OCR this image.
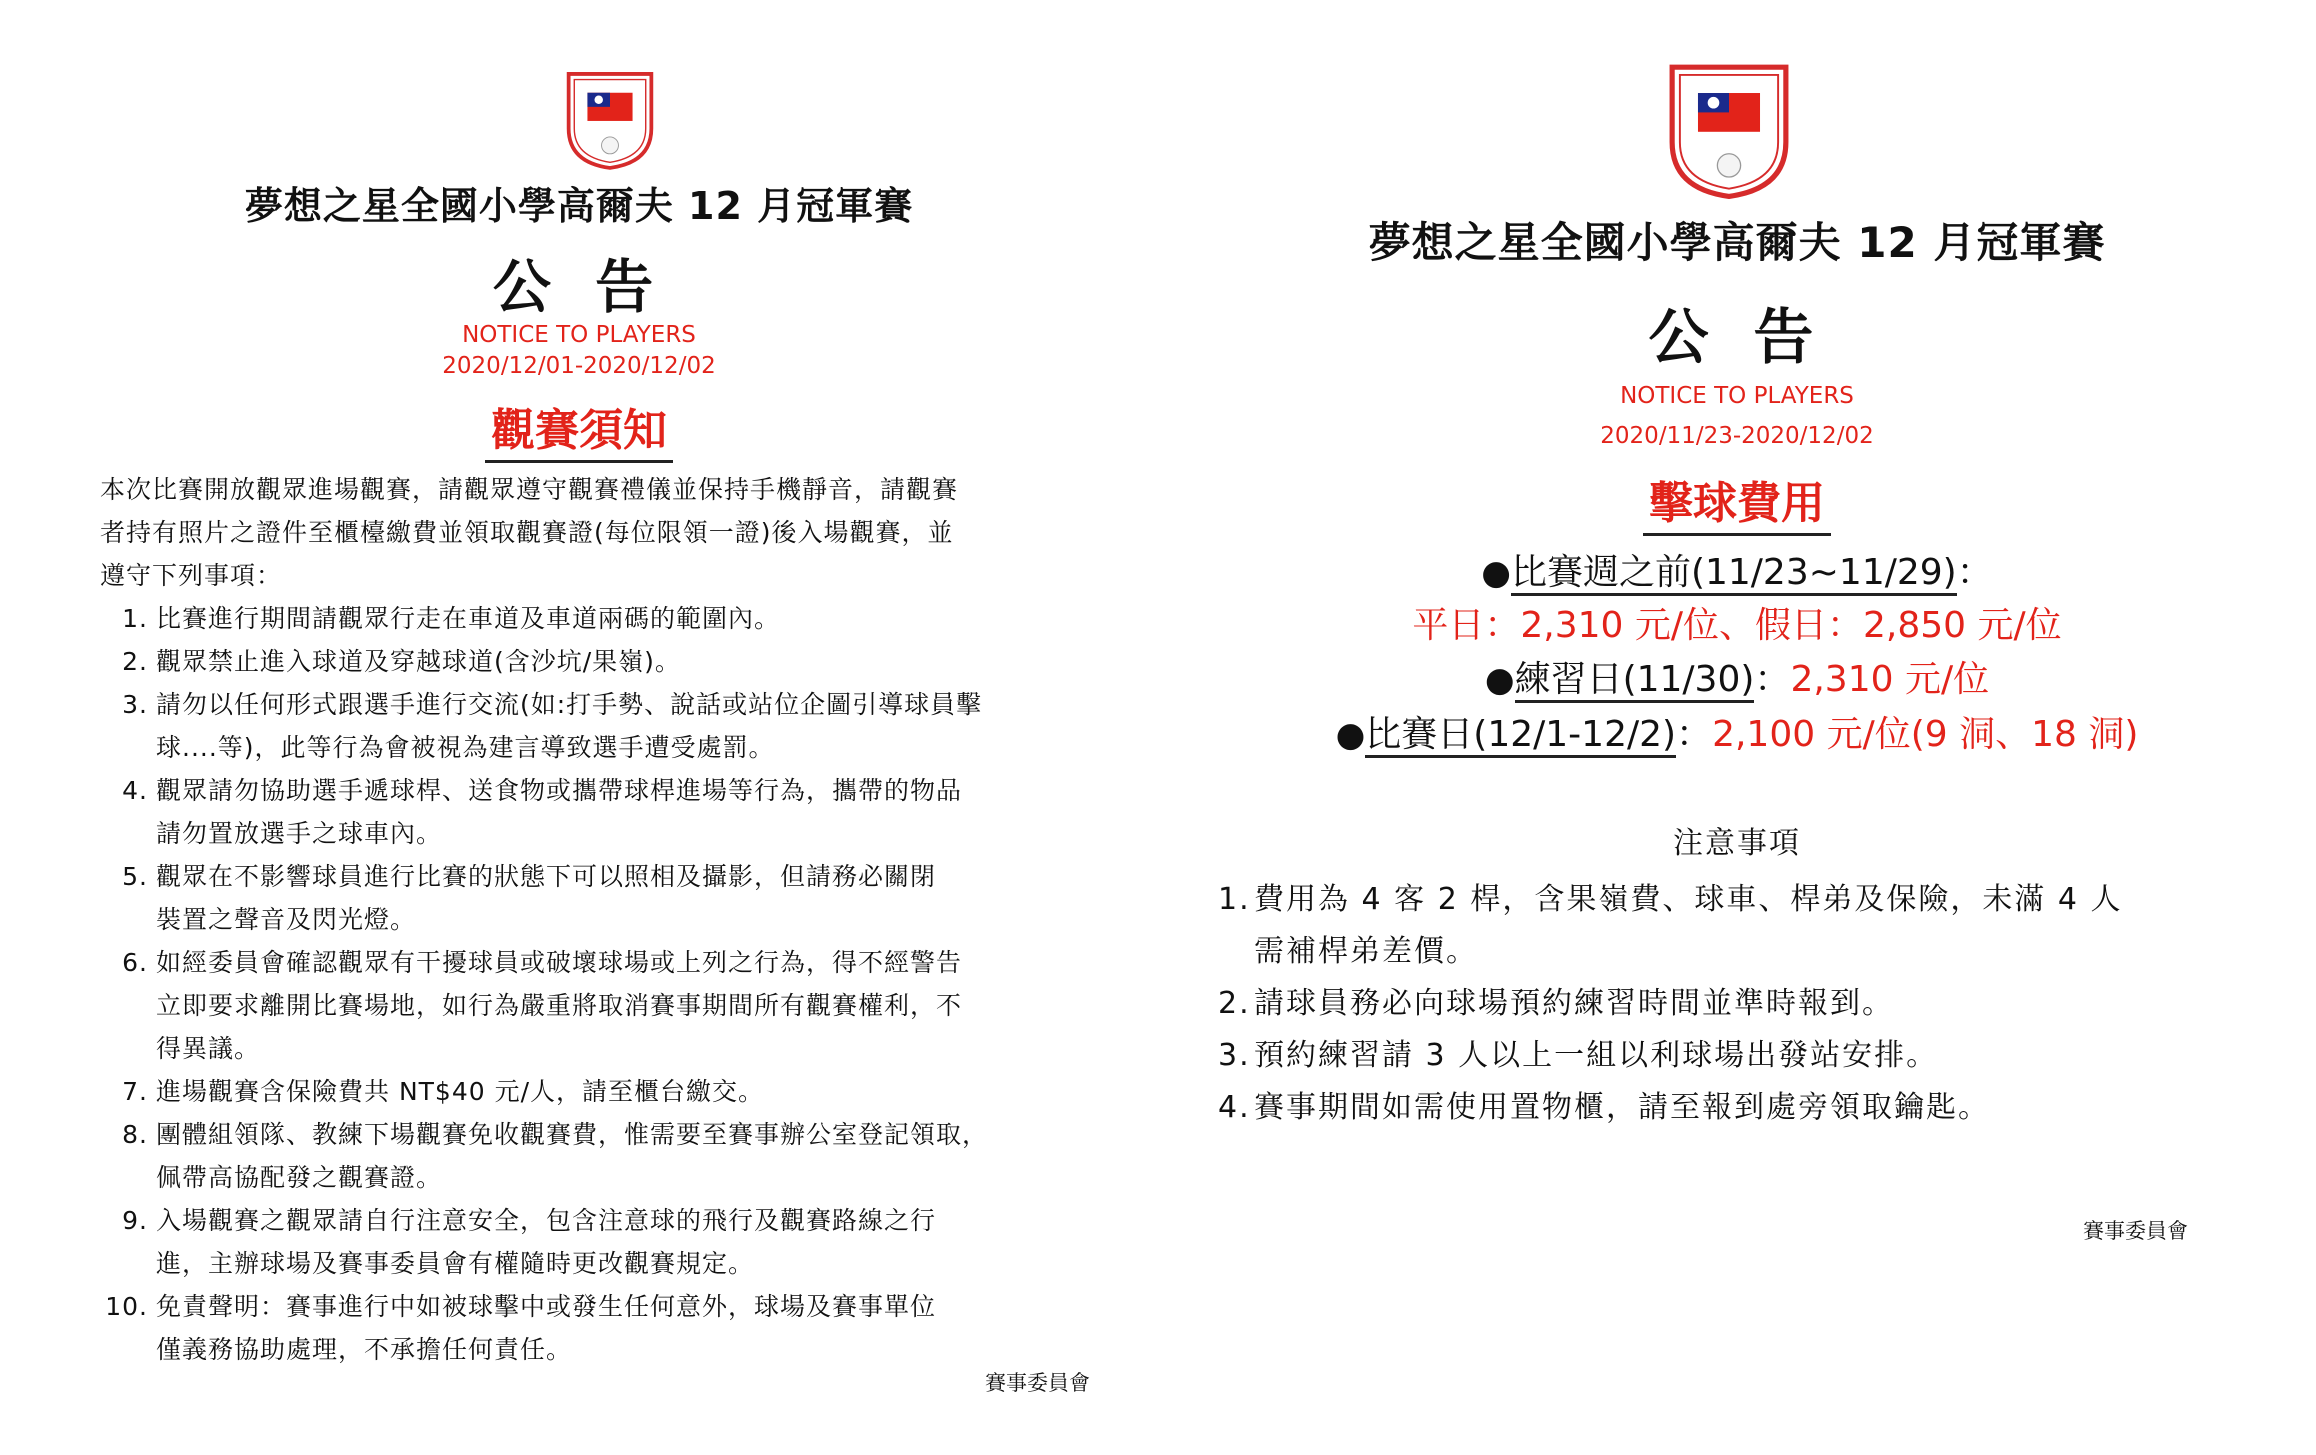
夢想之星全國小學高爾夫 12 月冠軍賽
公 告
NOTICE TO PLAYERS
2020/12/01-2020/12/02
觀賽須知
本次比賽開放觀眾進場觀賽，請觀眾遵守觀賽禮儀並保持手機靜音，請觀賽
者持有照片之證件至櫃檯繳費並領取觀賽證(每位限領一證)後入場觀賽，並
遵守下列事項：
1. 比賽進行期間請觀眾行走在車道及車道兩碼的範圍內。
2. 觀眾禁止進入球道及穿越球道(含沙坑/果嶺)。
3. 請勿以任何形式跟選手進行交流(如:打手勢、說話或站位企圖引導球員擊
球....等)，此等行為會被視為建言導致選手遭受處罰。
4. 觀眾請勿協助選手遞球桿、送食物或攜帶球桿進場等行為，攜帶的物品
請勿置放選手之球車內。
5. 觀眾在不影響球員進行比賽的狀態下可以照相及攝影，但請務必關閉
裝置之聲音及閃光燈。
6. 如經委員會確認觀眾有干擾球員或破壞球場或上列之行為，得不經警告
立即要求離開比賽場地，如行為嚴重將取消賽事期間所有觀賽權利，不
得異議。
7. 進場觀賽含保險費共 NT$40 元/人，請至櫃台繳交。
8. 團體組領隊、教練下場觀賽免收觀賽費，惟需要至賽事辦公室登記領取，
佩帶高協配發之觀賽證。
9. 入場觀賽之觀眾請自行注意安全，包含注意球的飛行及觀賽路線之行
進，主辦球場及賽事委員會有權隨時更改觀賽規定。
10. 免責聲明：賽事進行中如被球擊中或發生任何意外，球場及賽事單位
僅義務協助處理，不承擔任何責任。
賽事委員會
夢想之星全國小學高爾夫 12 月冠軍賽
公 告
NOTICE TO PLAYERS
2020/11/23-2020/12/02
擊球費用
●比賽週之前(11/23~11/29)：
平日：2,310 元/位、假日：2,850 元/位
●練習日(11/30)：2,310 元/位
●比賽日(12/1-12/2)：2,100 元/位(9 洞、18 洞)
注意事項
1. 費用為 4 客 2 桿，含果嶺費、球車、桿弟及保險，未滿 4 人
需補桿弟差價。
2. 請球員務必向球場預約練習時間並準時報到。
3. 預約練習請 3 人以上一組以利球場出發站安排。
4. 賽事期間如需使用置物櫃，請至報到處旁領取鑰匙。
賽事委員會
